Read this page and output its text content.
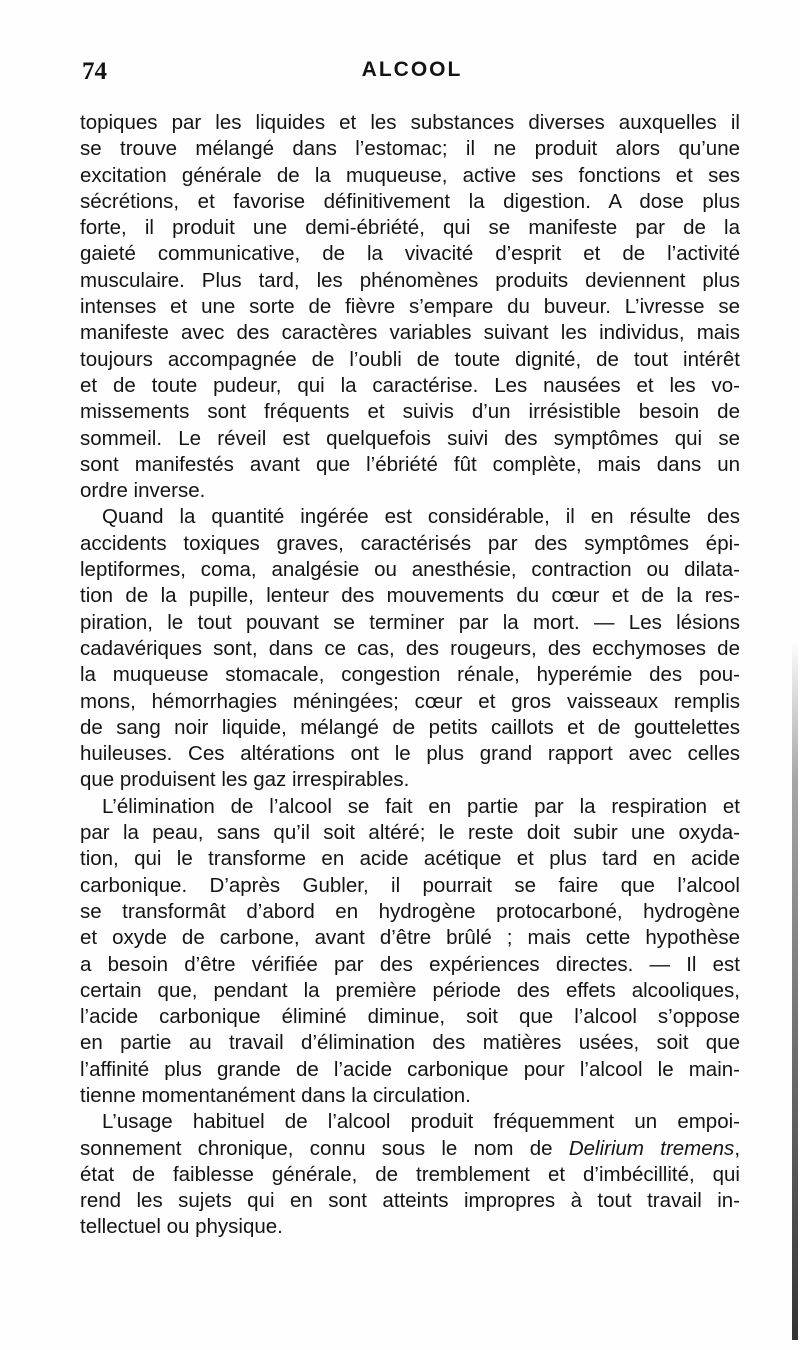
74	ALCOOL
topiques par les liquides et les substances diverses auxquelles il
se trouve mélangé dans l’estomac; il ne produit alors qu’une
excitation générale de la muqueuse, active ses fonctions et ses
sécrétions, et favorise définitivement la digestion. A dose plus
forte, il produit une demi-ébriété, qui se manifeste par de la
gaieté communicative, de la vivacité d’esprit et de l’activité
musculaire. Plus tard, les phénomènes produits deviennent plus
intenses et une sorte de fièvre s’empare du buveur. L’ivresse se
manifeste avec des caractères variables suivant les individus, mais
toujours accompagnée de l’oubli de toute dignité, de tout intérêt
et de toute pudeur, qui la caractérise. Les nausées et les vo-
missements sont fréquents et suivis d’un irrésistible besoin de
sommeil. Le réveil est quelquefois suivi des symptômes qui se
sont manifestés avant que l’ébriété fût complète, mais dans un
ordre inverse.
Quand la quantité ingérée est considérable, il en résulte des
accidents toxiques graves, caractérisés par des symptômes épi-
leptiformes, coma, analgésie ou anesthésie, contraction ou dilata-
tion de la pupille, lenteur des mouvements du cœur et de la res-
piration, le tout pouvant se terminer par la mort. — Les lésions
cadavériques sont, dans ce cas, des rougeurs, des ecchymoses de
la muqueuse stomacale, congestion rénale, hyperémie des pou-
mons, hémorrhagies méningées; cœur et gros vaisseaux remplis
de sang noir liquide, mélangé de petits caillots et de gouttelettes
huileuses. Ces altérations ont le plus grand rapport avec celles
que produisent les gaz irrespirables.
L’élimination de l’alcool se fait en partie par la respiration et
par la peau, sans qu’il soit altéré; le reste doit subir une oxyda-
tion, qui le transforme en acide acétique et plus tard en acide
carbonique. D’après Gubler, il pourrait se faire que l’alcool
se transformât d’abord en hydrogène protocarboné, hydrogène
et oxyde de carbone, avant d’être brûlé ; mais cette hypothèse
a besoin d’être vérifiée par des expériences directes. — Il est
certain que, pendant la première période des effets alcooliques,
l’acide carbonique éliminé diminue, soit que l’alcool s’oppose
en partie au travail d’élimination des matières usées, soit que
l’affinité plus grande de l’acide carbonique pour l’alcool le main-
tienne momentanément dans la circulation.
L’usage habituel de l’alcool produit fréquemment un empoi-
sonnement chronique, connu sous le nom de Delirium tremens,
état de faiblesse générale, de tremblement et d’imbécillité, qui
rend les sujets qui en sont atteints impropres à tout travail in-
tellectuel ou physique.
